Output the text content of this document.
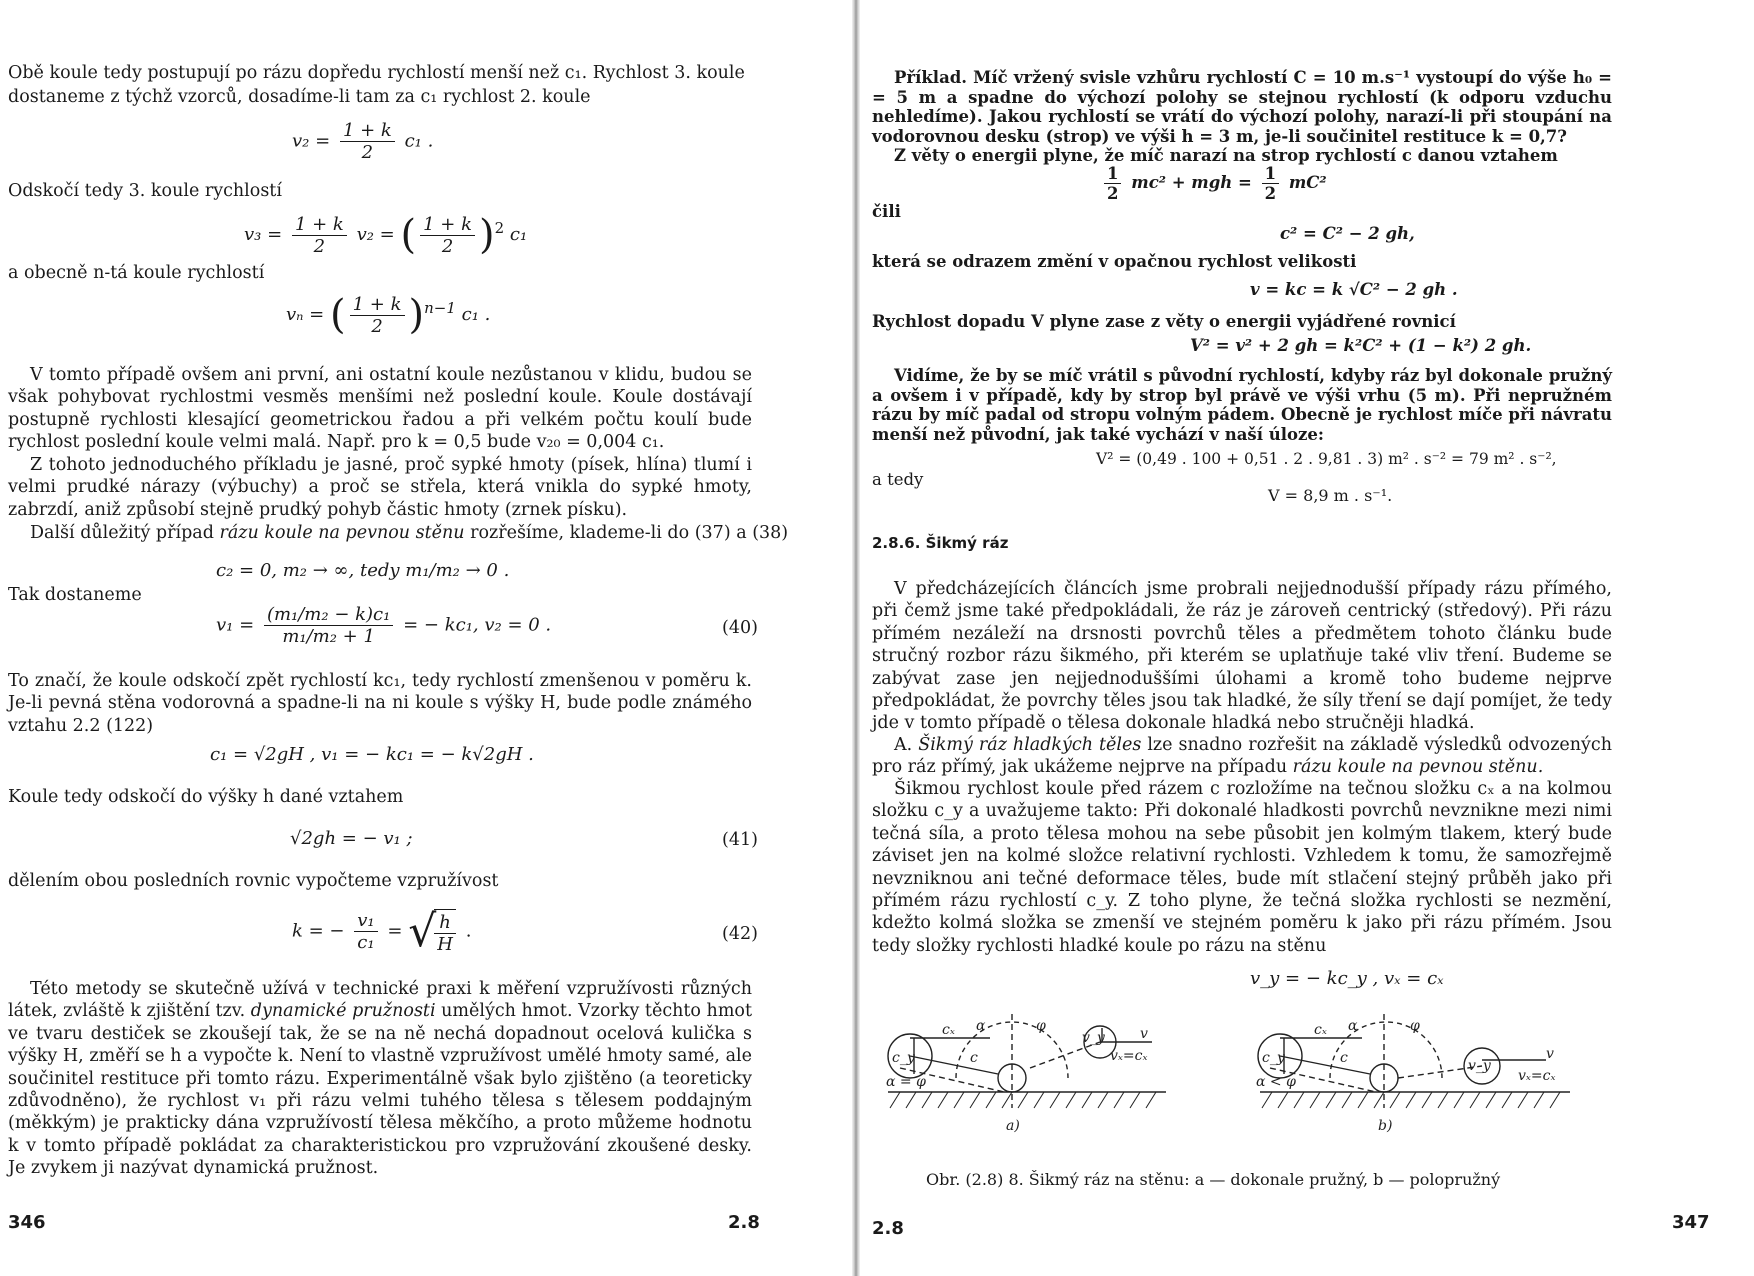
Obě koule tedy postupují po rázu dopředu rychlostí menší než c₁. Rychlost 3. koule
dostaneme z týchž vzorců, dosadíme-li tam za c₁ rychlost 2. koule
$v_2 = \frac{1 + k}{2} c_1$ .
Odskočí tedy 3. koule rychlostí
$v_3 = \frac{1 + k}{2} v_2$ = ( $\frac{1 + k}{2} )^2$ c₁
a obecně n-tá koule rychlostí
vₙ = ( $\frac{1 + k}{2} )^{n-1}$ c₁ .
V tomto případě ovšem ani první, ani ostatní koule nezůstanou v klidu, budou se však pohybovat rychlostmi vesměs menšími než poslední koule. Koule dostávají postupně rychlosti klesající geometrickou řadou a při velkém počtu koulí bude rychlost poslední koule velmi malá. Např. pro k = 0,5 bude v₂₀ = 0,004 c₁.
Z tohoto jednoduchého příkladu je jasné, proč sypké hmoty (písek, hlína) tlumí i velmi prudké nárazy (výbuchy) a proč se střela, která vnikla do sypké hmoty, zabrzdí, aniž způsobí stejně prudký pohyb částic hmoty (zrnek písku).
Další důležitý případ rázu koule na pevnou stěnu rozřešíme, klademe-li do (37) a (38)
c₂ = 0, m₂ → ∞, tedy m₁/m₂ → 0 .
Tak dostaneme
$v_1 = \frac{\text{(m₁/m₂ − k)c₁}}{\text{m₁/m₂ + 1}}$ = − kc₁, v₂ = 0 .	(40)
To značí, že koule odskočí zpět rychlostí kc₁, tedy rychlostí zmenšenou v poměru k. Je-li pevná stěna vodorovná a spadne-li na ni koule s výšky H, bude podle známého vztahu 2.2 (122)
c₁ = √2gH , v₁ = − kc₁ = − k√2gH .
Koule tedy odskočí do výšky h dané vztahem
√2gh = − v₁ ;	(41)
dělením obou posledních rovnic vypočteme vzpružívost
k = − $\frac{\text{v₁}}{\text{c₁}}$ = √
$\frac{h}{H}$ .	(42)
Této metody se skutečně užívá v technické praxi k měření vzpružívosti různých látek, zvláště k zjištění tzv. dynamické pružnosti umělých hmot. Vzorky těchto hmot ve tvaru destiček se zkoušejí tak, že se na ně nechá dopadnout ocelová kulička s výšky H, změří se h a vypočte k. Není to vlastně vzpružívost umělé hmoty samé, ale součinitel restituce při tomto rázu. Experimentálně však bylo zjištěno (a teoreticky zdůvodněno), že rychlost v₁ při rázu velmi tuhého tělesa s tělesem poddajným (měkkým) je prakticky dána vzpružívostí tělesa měkčího, a proto můžeme hodnotu k v tomto případě pokládat za charakteristickou pro vzpružování zkoušené desky. Je zvykem ji nazývat dynamická pružnost.
346	2.8
Příklad. Míč vržený svisle vzhůru rychlostí C = 10 m.s⁻¹ vystoupí do výše h₀ = = 5 m a spadne do výchozí polohy se stejnou rychlostí (k odporu vzduchu nehledíme). Jakou rychlostí se vrátí do výchozí polohy, narazí-li při stoupání na vodorovnou desku (strop) ve výši h = 3 m, je-li součinitel restituce k = 0,7?
Z věty o energii plyne, že míč narazí na strop rychlostí c danou vztahem
$\frac{1}{2} mc^2$ + mgh = $\frac{1}{2} mC^2$
čili
c² = C² − 2 gh,
která se odrazem změní v opačnou rychlost velikosti
v = kc = k √C² − 2 gh .
Rychlost dopadu V plyne zase z věty o energii vyjádřené rovnicí
V² = v² + 2 gh = k²C² + (1 − k²) 2 gh.
Vidíme, že by se míč vrátil s původní rychlostí, kdyby ráz byl dokonale pružný a ovšem i v případě, kdy by strop byl právě ve výši vrhu (5 m). Při nepružném rázu by míč padal od stropu volným pádem. Obecně je rychlost míče při návratu menší než původní, jak také vychází v naší úloze:
V² = (0,49 . 100 + 0,51 . 2 . 9,81 . 3) m² . s⁻² = 79 m² . s⁻²,
a tedy
V = 8,9 m . s⁻¹.
2.8.6. Šikmý ráz
V předcházejících článcích jsme probrali nejjednodušší případy rázu přímého, při čemž jsme také předpokládali, že ráz je zároveň centrický (středový). Při rázu přímém nezáleží na drsnosti povrchů těles a předmětem tohoto článku bude stručný rozbor rázu šikmého, při kterém se uplatňuje také vliv tření. Budeme se zabývat zase jen nejjednoduššími úlohami a kromě toho budeme nejprve předpokládat, že povrchy těles jsou tak hladké, že síly tření se dají pomíjet, že tedy jde v tomto případě o tělesa dokonale hladká nebo stručněji hladká.
A. Šikmý ráz hladkých těles lze snadno rozřešit na základě výsledků odvozených pro ráz přímý, jak ukážeme nejprve na případu rázu koule na pevnou stěnu.
Šikmou rychlost koule před rázem c rozložíme na tečnou složku cₓ a na kolmou složku c_y a uvažujeme takto: Při dokonalé hladkosti povrchů nevznikne mezi nimi tečná síla, a proto tělesa mohou na sebe působit jen kolmým tlakem, který bude záviset jen na kolmé složce relativní rychlosti. Vzhledem k tomu, že samozřejmě nevzniknou ani tečné deformace těles, bude mít stlačení stejný průběh jako při přímém rázu rychlostí c_y. Z toho plyne, že tečná složka rychlosti se nezmění, kdežto kolmá složka se zmenší ve stejném poměru k jako při rázu přímém. Jsou tedy složky rychlosti hladké koule po rázu na stěnu
v_y = − kc_y , vₓ = cₓ
α	φ
cₓ
c_y	c
v_y	v
vₓ=cₓ
α = φ
a)
α	φ
cₓ
c_y	c	v_y
v
vₓ=cₓ
α < φ
b)
Obr. (2.8) 8. Šikmý ráz na stěnu: a — dokonale pružný, b — polopružný
2.8	347
